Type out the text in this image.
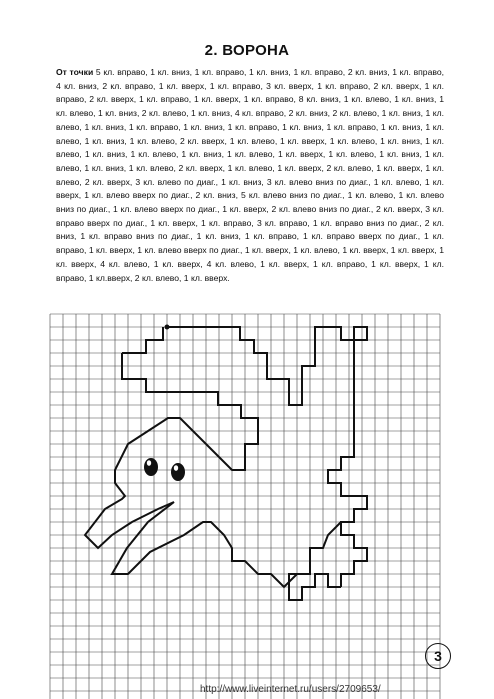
2. ВОРОНА
От точки 5 кл. вправо, 1 кл. вниз, 1 кл. вправо, 1 кл. вниз, 1 кл. вправо, 2 кл. вниз, 1 кл. вправо, 4 кл. вниз, 2 кл. вправо, 1 кл. вверх, 1 кл. вправо, 3 кл. вверх, 1 кл. вправо, 2 кл. вверх, 1 кл. вправо, 2 кл. вверх, 1 кл. вправо, 1 кл. вверх, 1 кл. вправо, 8 кл. вниз, 1 кл. влево, 1 кл. вниз, 1 кл. влево, 1 кл. вниз, 2 кл. влево, 1 кл. вниз, 4 кл. вправо, 2 кл. вниз, 2 кл. влево, 1 кл. вниз, 1 кл. влево, 1 кл. вниз, 1 кл. вправо, 1 кл. вниз, 1 кл. вправо, 1 кл. вниз, 1 кл. вправо, 1 кл. вниз, 1 кл. влево, 1 кл. вниз, 1 кл. влево, 2 кл. вверх, 1 кл. влево, 1 кл. вверх, 1 кл. влево, 1 кл. вниз, 1 кл. влево, 1 кл. вниз, 1 кл. влево, 1 кл. вниз, 1 кл. влево, 1 кл. вверх, 1 кл. влево, 1 кл. вниз, 1 кл. влево, 1 кл. вниз, 1 кл. влево, 2 кл. вверх, 1 кл. влево, 1 кл. вверх, 2 кл. влево, 1 кл. вверх, 1 кл. влево, 2 кл. вверх, 3 кл. влево по диаг., 1 кл. вниз, 3 кл. влево вниз по диаг., 1 кл. влево, 1 кл. вверх, 1 кл. влево вверх по диаг., 2 кл. вниз, 5 кл. влево вниз по диаг., 1 кл. влево, 1 кл. влево вниз по диаг., 1 кл. влево вверх по диаг., 1 кл. вверх, 2 кл. влево вниз по диаг., 2 кл. вверх, 3 кл. вправо вверх по диаг., 1 кл. вверх, 1 кл. вправо, 3 кл. вправо, 1 кл. вправо вниз по диаг., 2 кл. вниз, 1 кл. вправо вниз по диаг., 1 кл. вниз, 1 кл. вправо, 1 кл. вправо вверх по диаг., 1 кл. вправо, 1 кл. вверх, 1 кл. влево вверх по диаг., 1 кл. вверх, 1 кл. влево, 1 кл. вверх, 1 кл. вверх, 1 кл. вверх, 4 кл. влево, 1 кл. вверх, 4 кл. влево, 1 кл. вверх, 1 кл. вправо, 1 кл. вверх, 1 кл. вправо, 1 кл.вверх, 2 кл. влево, 1 кл. вверх.
3
http://www.liveinternet.ru/users/2709653/
